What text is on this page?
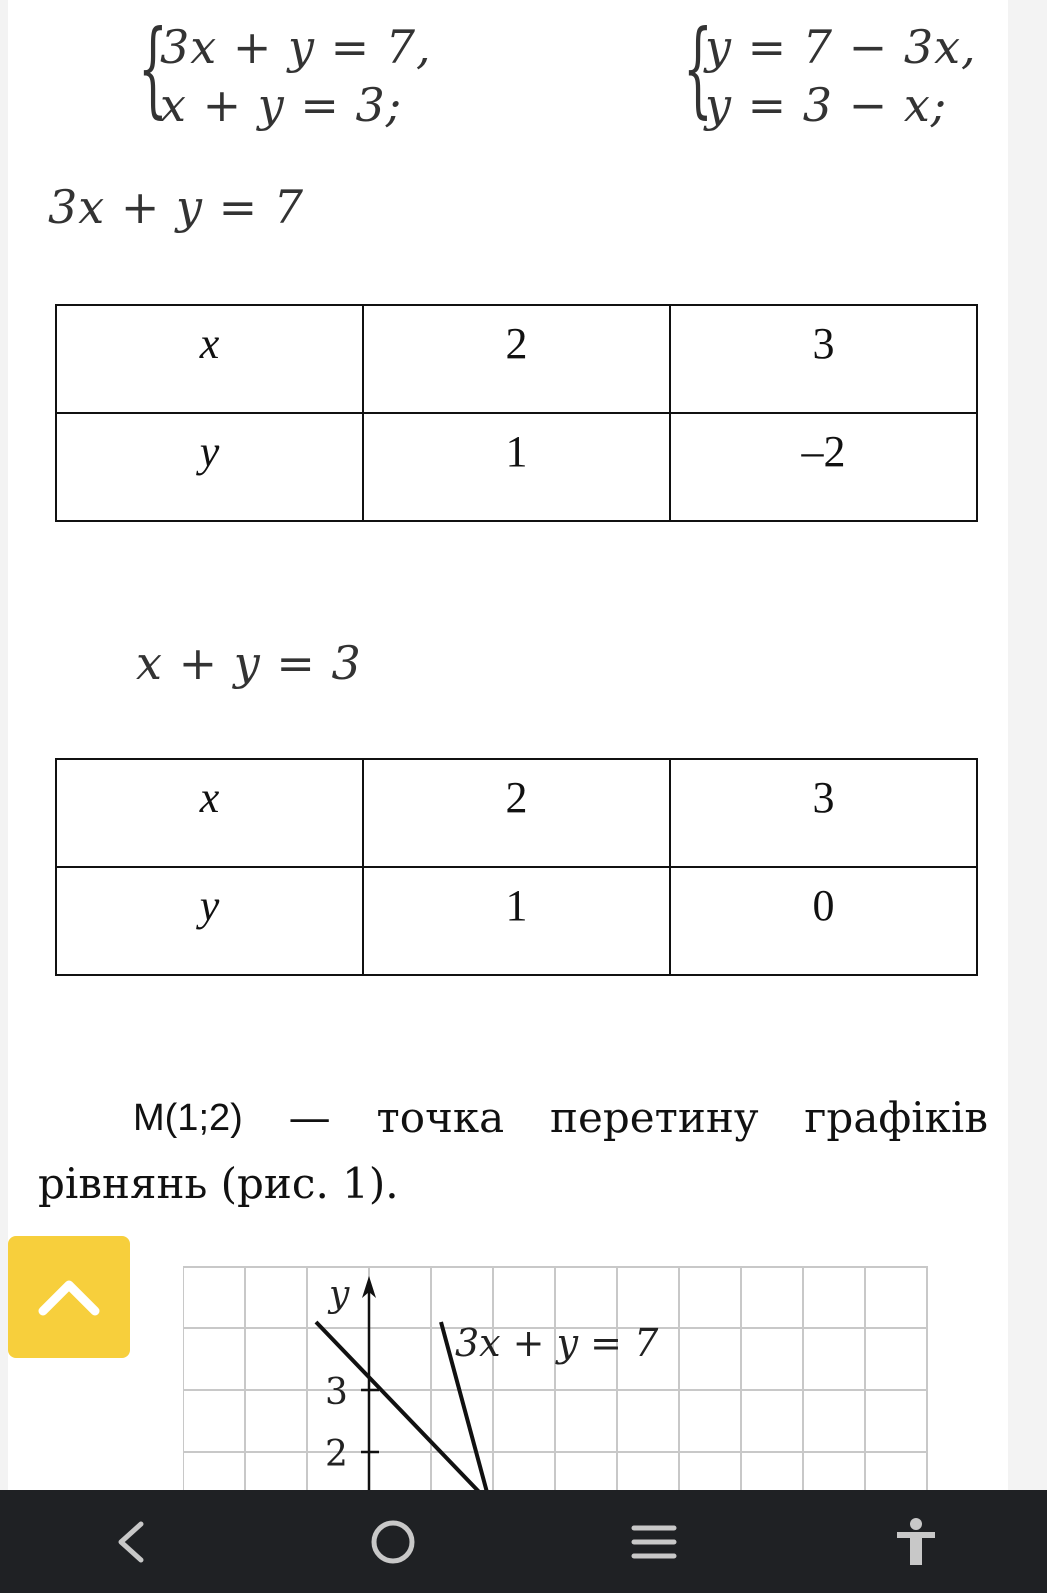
{
3x + y = 7,
x + y = 3;	{
y = 7 − 3x,
y = 3 − x;
3x + y = 7
x	2	3
y	1	–2
x + y = 3
x	2	3
y	1	0
M(1;2) — точка перетину графіків
рівнянь (рис. 1).
y
3
2
3x + y = 7
